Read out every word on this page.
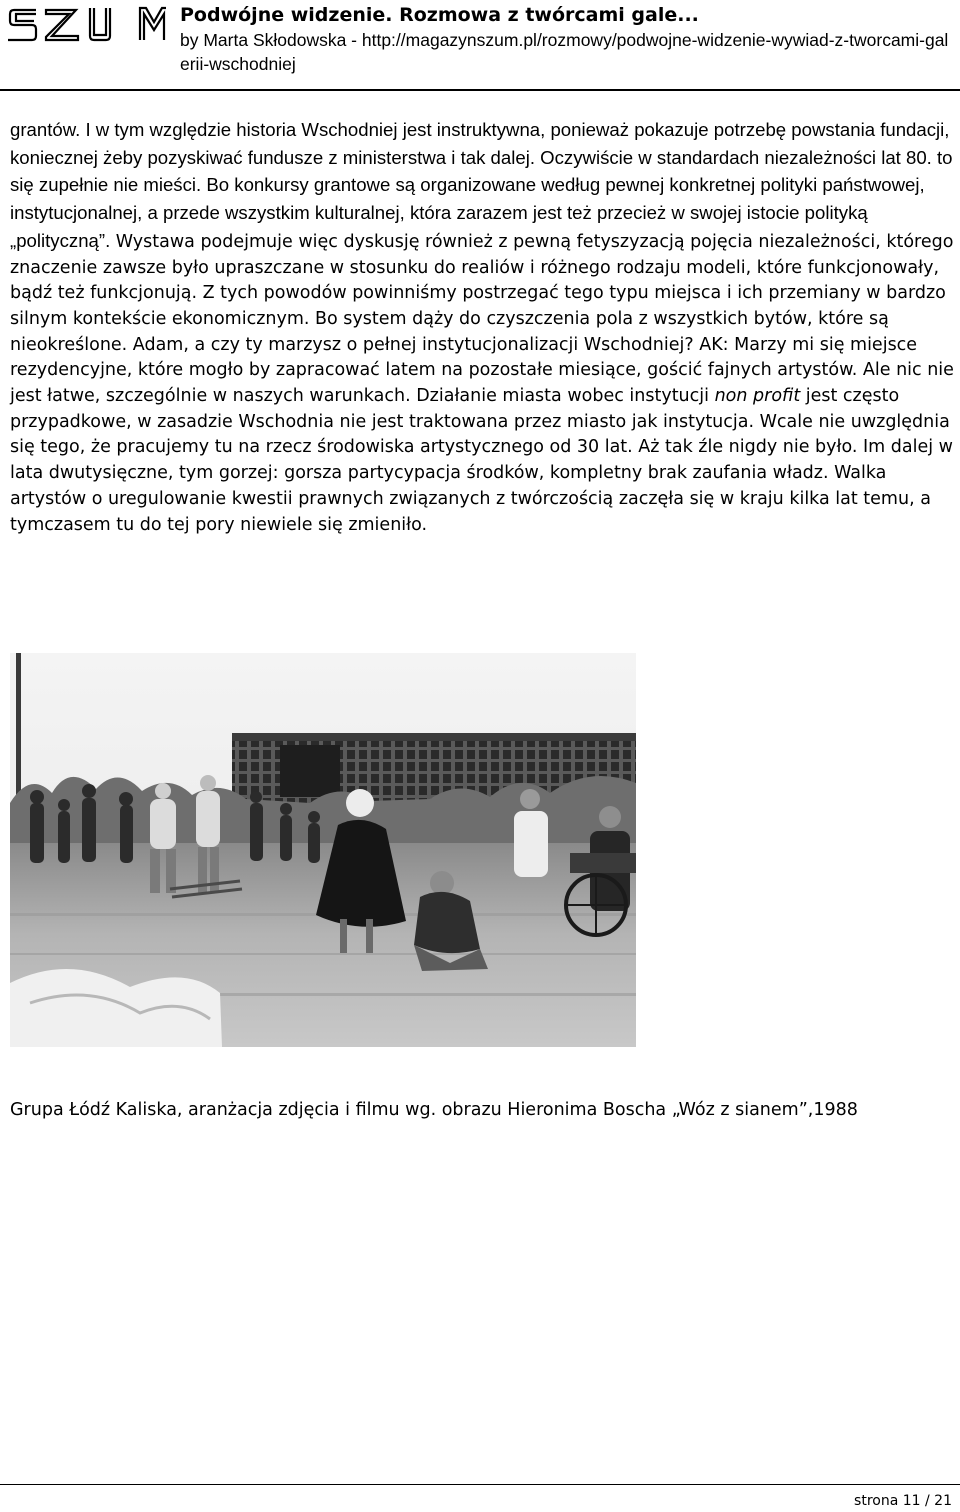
Podwójne widzenie. Rozmowa z twórcami gale...

by Marta Skłodowska - http://magazynszum.pl/rozmowy/podwojne-widzenie-wywiad-z-tworcami-galerii-wschodniej

grantów. I w tym względzie historia Wschodniej jest instruktywna, ponieważ pokazuje potrzebę powstania fundacji, koniecznej żeby pozyskiwać fundusze z ministerstwa i tak dalej. Oczywiście w standardach niezależności lat 80. to się zupełnie nie mieści. Bo konkursy grantowe są organizowane według pewnej konkretnej polityki państwowej, instytucjonalnej, a przede wszystkim kulturalnej, która zarazem jest też przecież w swojej istocie polityką „polityczną”. Wystawa podejmuje więc dyskusję również z pewną fetyszyzacją pojęcia niezależności, którego znaczenie zawsze było upraszczane w stosunku do realiów i różnego rodzaju modeli, które funkcjonowały, bądź też funkcjonują. Z tych powodów powinniśmy postrzegać tego typu miejsca i ich przemiany w bardzo silnym kontekście ekonomicznym. Bo system dąży do czyszczenia pola z wszystkich bytów, które są nieokreślone. Adam, a czy ty marzysz o pełnej instytucjonalizacji Wschodniej? AK: Marzy mi się miejsce rezydencyjne, które mogło by zapracować latem na pozostałe miesiące, gościć fajnych artystów. Ale nic nie jest łatwe, szczególnie w naszych warunkach. Działanie miasta wobec instytucji non profit jest często przypadkowe, w zasadzie Wschodnia nie jest traktowana przez miasto jak instytucja. Wcale nie uwzględnia się tego, że pracujemy tu na rzecz środowiska artystycznego od 30 lat. Aż tak źle nigdy nie było. Im dalej w lata dwutysięczne, tym gorzej: gorsza partycypacja środków, kompletny brak zaufania władz. Walka artystów o uregulowanie kwestii prawnych związanych z twórczością zaczęła się w kraju kilka lat temu, a tymczasem tu do tej pory niewiele się zmieniło.

Grupa Łódź Kaliska, aranżacja zdjęcia i filmu wg. obrazu Hieronima Boscha „Wóz z sianem”,1988

strona 11 / 21
